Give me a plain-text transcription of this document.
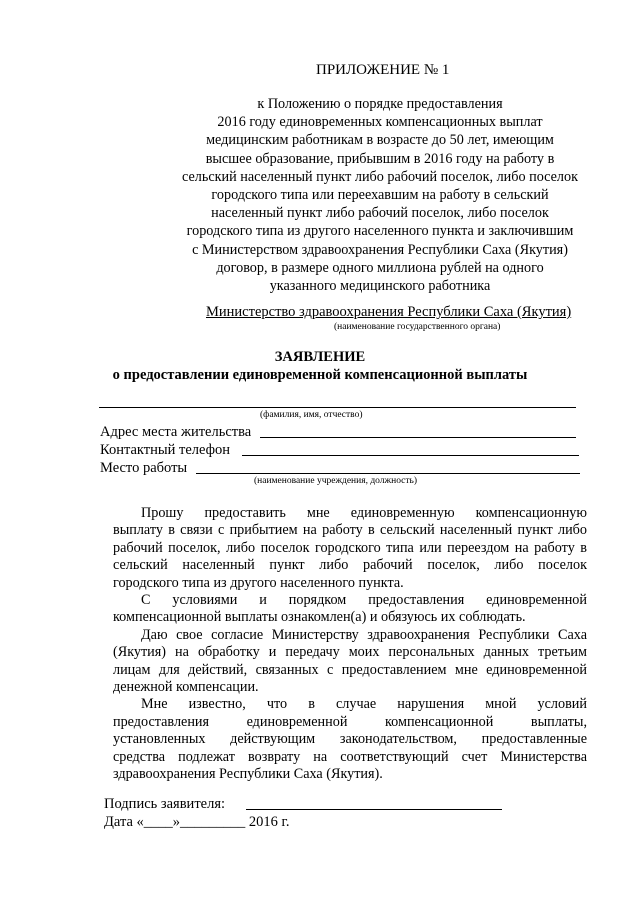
ПРИЛОЖЕНИЕ № 1
к Положению о порядке предоставления
2016 году единовременных компенсационных выплат
медицинским работникам в возрасте до 50 лет, имеющим
высшее образование, прибывшим в 2016 году на работу в
сельский населенный пункт либо рабочий поселок, либо поселок
городского типа или переехавшим на работу в сельский
населенный пункт либо рабочий поселок, либо поселок
городского типа из другого населенного пункта и заключившим
с Министерством здравоохранения Республики Саха (Якутия)
договор, в размере одного миллиона рублей на одного
указанного медицинского работника
Министерство здравоохранения Республики Саха (Якутия)
(наименование государственного органа)
ЗАЯВЛЕНИЕ
о предоставлении единовременной компенсационной выплаты
(фамилия, имя, отчество)
Адрес места жительства
Контактный телефон
Место работы
(наименование учреждения, должность)
Прошу предоставить мне единовременную компенсационную
выплату в связи с прибытием на работу в сельский населенный пункт либо
рабочий поселок, либо поселок городского типа или переездом на работу в
сельский населенный пункт либо рабочий поселок, либо поселок
городского типа из другого населенного пункта.
С условиями и порядком предоставления единовременной
компенсационной выплаты ознакомлен(а) и обязуюсь их соблюдать.
Даю свое согласие Министерству здравоохранения Республики Саха
(Якутия) на обработку и передачу моих персональных данных третьим
лицам для действий, связанных с предоставлением мне единовременной
денежной компенсации.
Мне известно, что в случае нарушения мной условий
предоставления единовременной компенсационной выплаты,
установленных действующим законодательством, предоставленные
средства подлежат возврату на соответствующий счет Министерства
здравоохранения Республики Саха (Якутия).
Подпись заявителя:
Дата «____»_________ 2016 г.
